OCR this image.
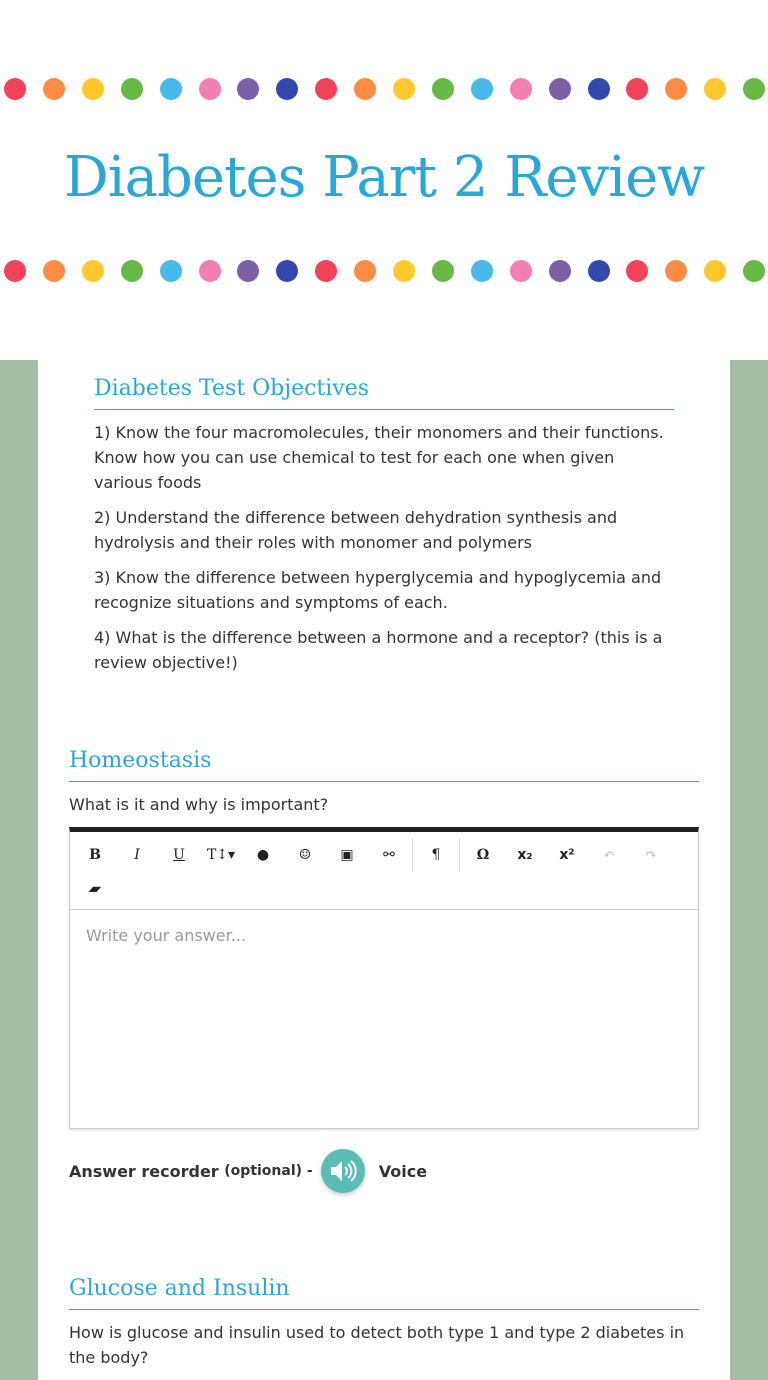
Diabetes Part 2 Review
Diabetes Test Objectives

1) Know the four macromolecules, their monomers and their functions. Know how you can use chemical to test for each one when given various foods

2) Understand the difference between dehydration synthesis and hydrolysis and their roles with monomer and polymers

3) Know the difference between hyperglycemia and hypoglycemia and recognize situations and symptoms of each.

4) What is the difference between a hormone and a receptor? (this is a review objective!)

Homeostasis
What is it and why is important?
B	I	U	T↕▾	●	☺	▣	⚯	¶	Ω	x₂	x²	↶	↷
▰
Write your answer...
Answer recorder
(optional) -	Voice
Glucose and Insulin
How is glucose and insulin used to detect both type 1 and type 2 diabetes in the body?
